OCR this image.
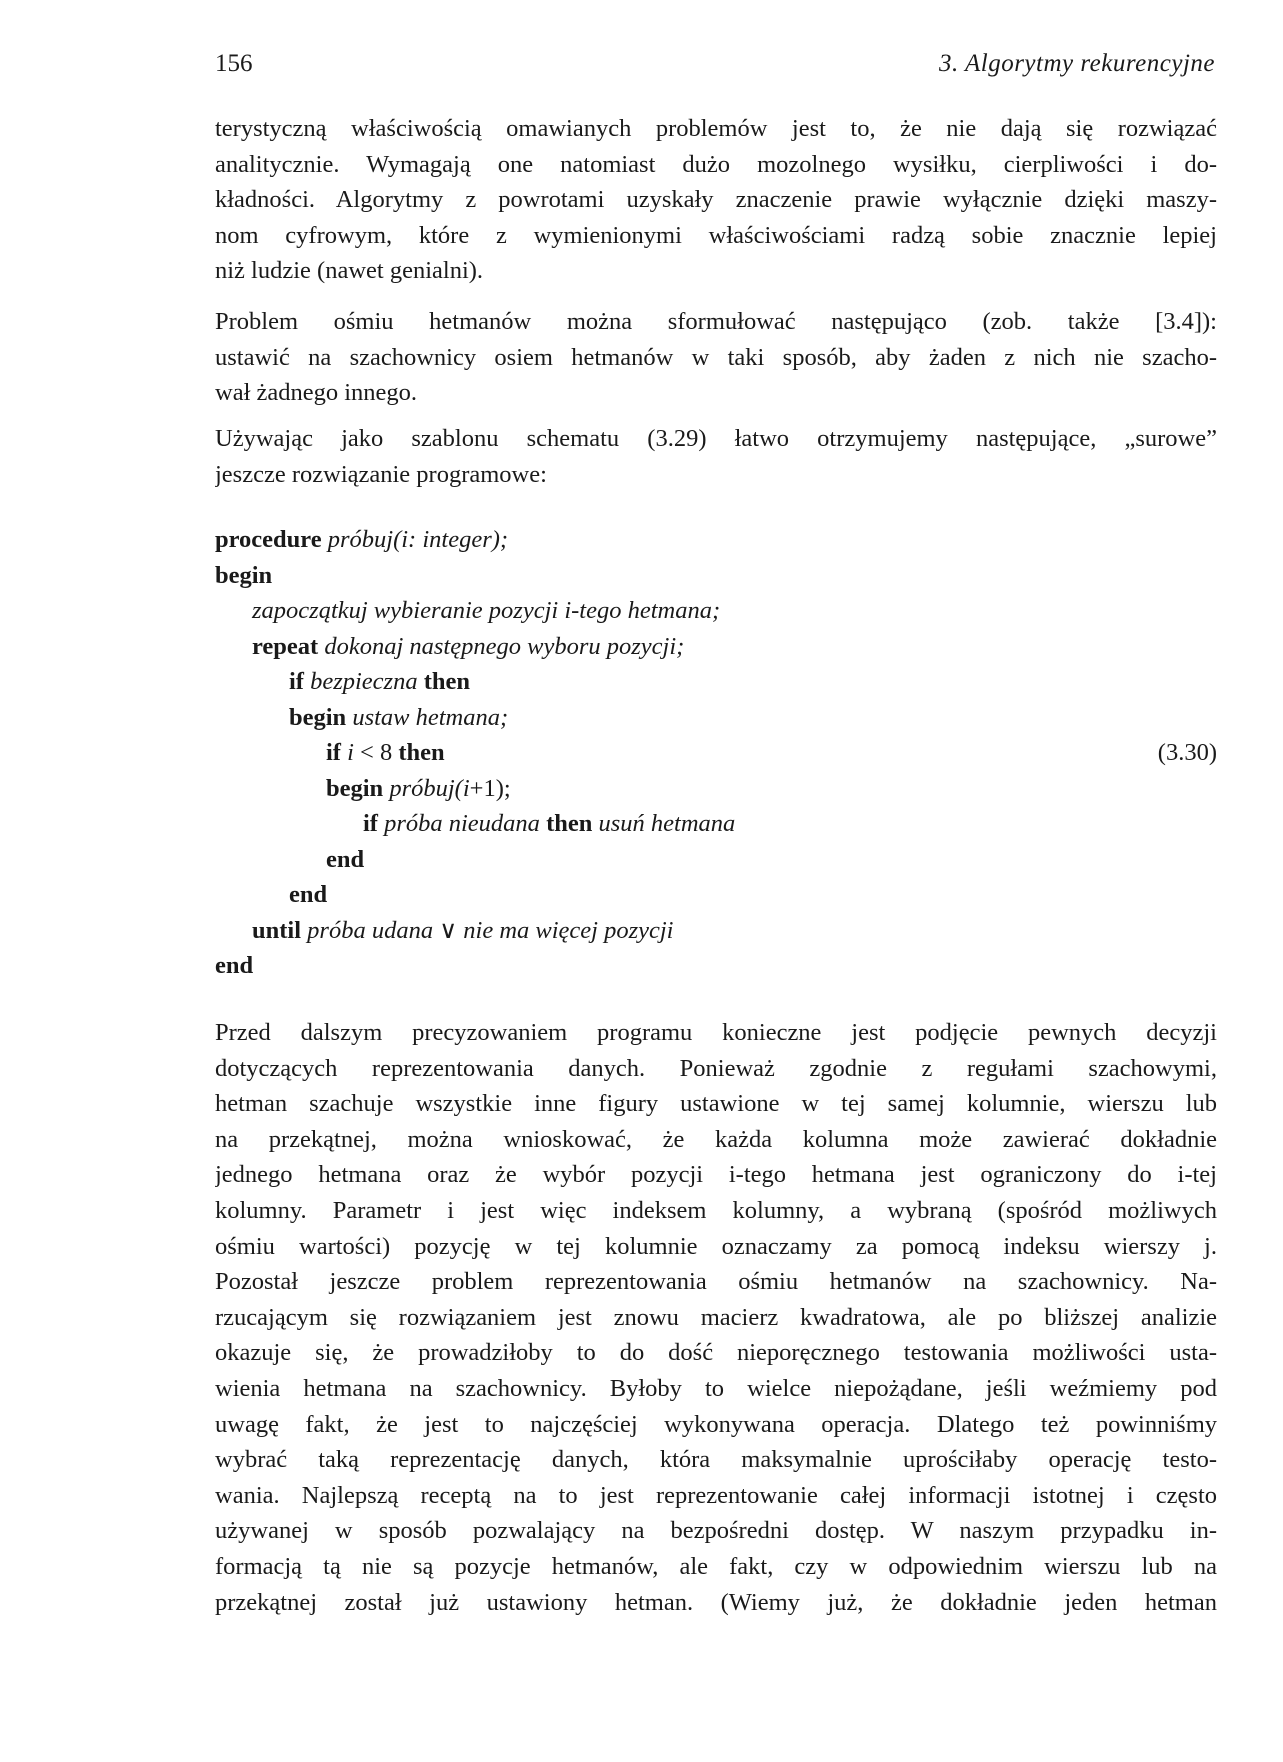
156	3. Algorytmy rekurencyjne
terystyczną właściwością omawianych problemów jest to, że nie dają się rozwiązać
analitycznie. Wymagają one natomiast dużo mozolnego wysiłku, cierpliwości i do-
kładności. Algorytmy z powrotami uzyskały znaczenie prawie wyłącznie dzięki maszy-
nom cyfrowym, które z wymienionymi właściwościami radzą sobie znacznie lepiej
niż ludzie (nawet genialni).
Problem ośmiu hetmanów można sformułować następująco (zob. także [3.4]):
ustawić na szachownicy osiem hetmanów w taki sposób, aby żaden z nich nie szacho-
wał żadnego innego.
Używając jako szablonu schematu (3.29) łatwo otrzymujemy następujące, „surowe”
jeszcze rozwiązanie programowe:
procedure próbuj(i: integer);
begin
zapoczątkuj wybieranie pozycji i-tego hetmana;
repeat dokonaj następnego wyboru pozycji;
if bezpieczna then
begin ustaw hetmana;
if i < 8 then	(3.30)
begin próbuj(i+1);
if próba nieudana then usuń hetmana
end
end
until próba udana ∨ nie ma więcej pozycji
end
Przed dalszym precyzowaniem programu konieczne jest podjęcie pewnych decyzji
dotyczących reprezentowania danych. Ponieważ zgodnie z regułami szachowymi,
hetman szachuje wszystkie inne figury ustawione w tej samej kolumnie, wierszu lub
na przekątnej, można wnioskować, że każda kolumna może zawierać dokładnie
jednego hetmana oraz że wybór pozycji i-tego hetmana jest ograniczony do i-tej
kolumny. Parametr i jest więc indeksem kolumny, a wybraną (spośród możliwych
ośmiu wartości) pozycję w tej kolumnie oznaczamy za pomocą indeksu wierszy j.
Pozostał jeszcze problem reprezentowania ośmiu hetmanów na szachownicy. Na-
rzucającym się rozwiązaniem jest znowu macierz kwadratowa, ale po bliższej analizie
okazuje się, że prowadziłoby to do dość nieporęcznego testowania możliwości usta-
wienia hetmana na szachownicy. Byłoby to wielce niepożądane, jeśli weźmiemy pod
uwagę fakt, że jest to najczęściej wykonywana operacja. Dlatego też powinniśmy
wybrać taką reprezentację danych, która maksymalnie uprościłaby operację testo-
wania. Najlepszą receptą na to jest reprezentowanie całej informacji istotnej i często
używanej w sposób pozwalający na bezpośredni dostęp. W naszym przypadku in-
formacją tą nie są pozycje hetmanów, ale fakt, czy w odpowiednim wierszu lub na
przekątnej został już ustawiony hetman. (Wiemy już, że dokładnie jeden hetman
